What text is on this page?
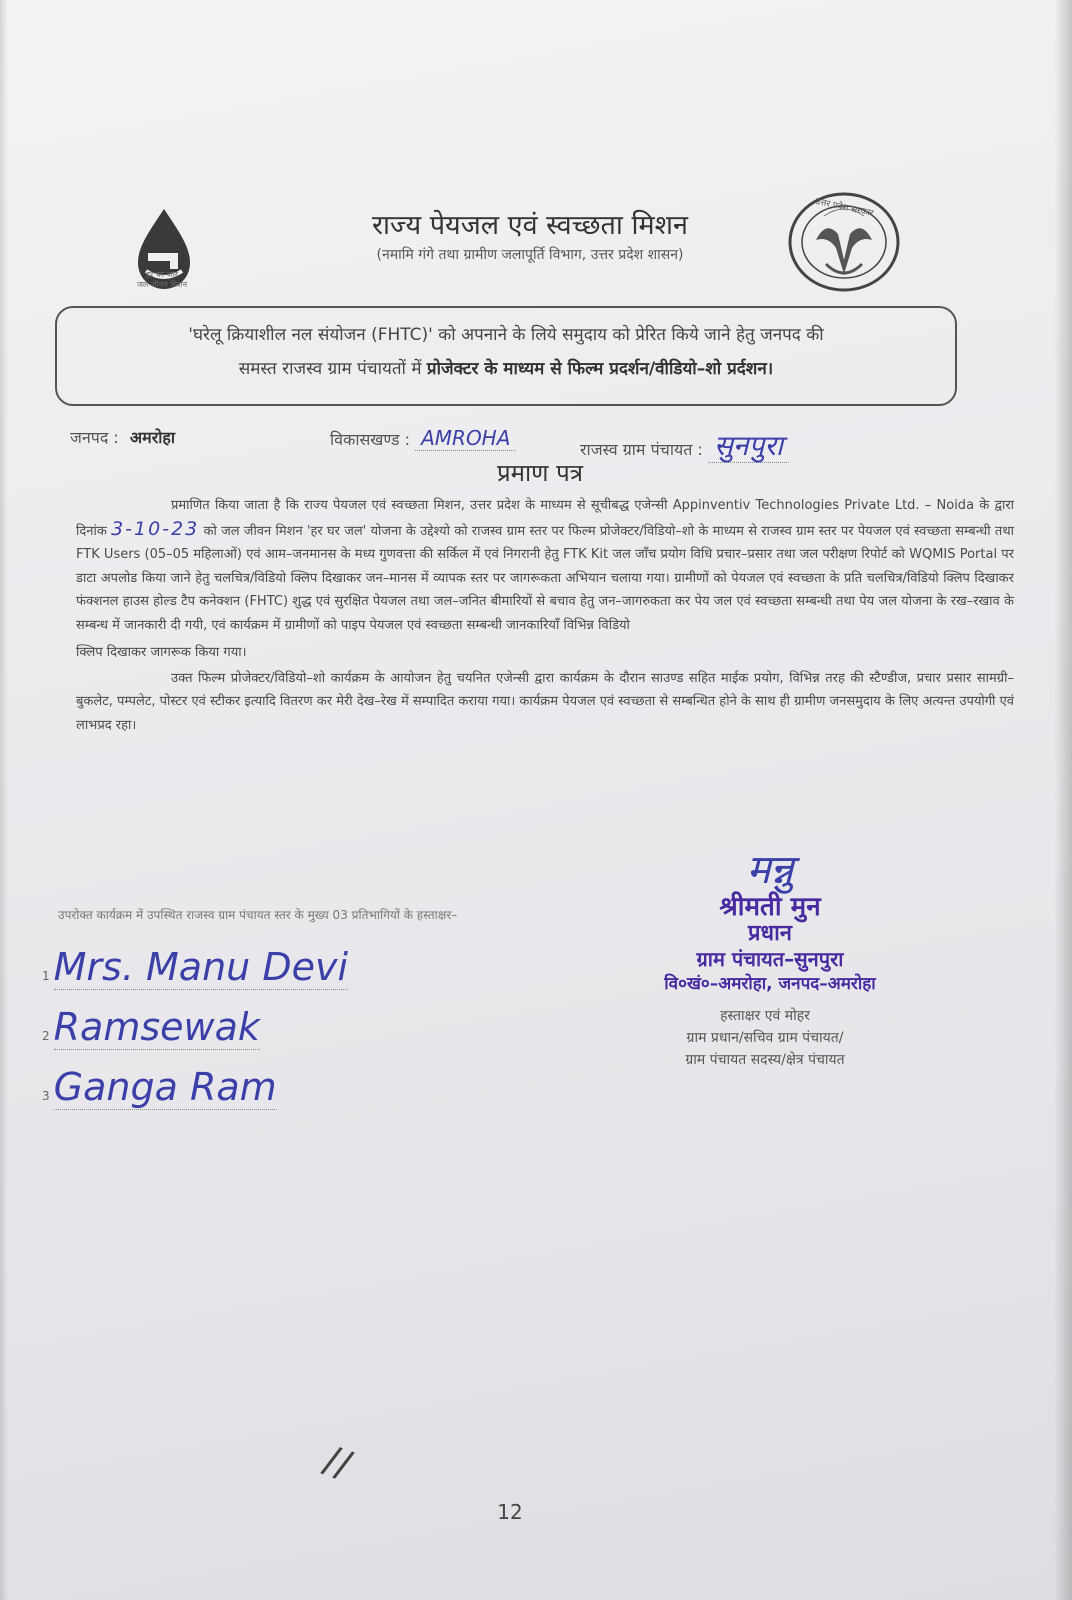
हर घर जल
जल जीवन मिशन
राज्य पेयजल एवं स्वच्छता मिशन
(नमामि गंगे तथा ग्रामीण जलापूर्ति विभाग, उत्तर प्रदेश शासन)
उत्तर प्रदेश सरकार
'घरेलू क्रियाशील नल संयोजन (FHTC)' को अपनाने के लिये समुदाय को प्रेरित किये जाने हेतु जनपद की
समस्त राजस्व ग्राम पंचायतों में प्रोजेक्टर के माध्यम से फिल्म प्रदर्शन/वीडियो–शो प्रर्दशन।
जनपद : अमरोहा	विकासखण्ड : AMROHA	राजस्व ग्राम पंचायत : सुनपुरा
प्रमाण पत्र

प्रमाणित किया जाता है कि राज्य पेयजल एवं स्वच्छता मिशन, उत्तर प्रदेश के माध्यम से सूचीबद्ध एजेन्सी Appinventiv Technologies Private Ltd. – Noida के द्वारा दिनांक 3-10-23 को जल जीवन मिशन 'हर घर जल' योजना के उद्देश्यो को राजस्व ग्राम स्तर पर फिल्म प्रोजेक्टर/विडियो–शो के माध्यम से राजस्व ग्राम स्तर पर पेयजल एवं स्वच्छता सम्बन्धी तथा FTK Users (05–05 महिलाओं) एवं आम–जनमानस के मध्य गुणवत्ता की सर्किल में एवं निगरानी हेतु FTK Kit जल जाँच प्रयोग विधि प्रचार–प्रसार तथा जल परीक्षण रिपोर्ट को WQMIS Portal पर डाटा अपलोड किया जाने हेतु चलचित्र/विडियो क्लिप दिखाकर जन–मानस में व्यापक स्तर पर जागरूकता अभियान चलाया गया। ग्रामीणों को पेयजल एवं स्वच्छता के प्रति चलचित्र/विडियो क्लिप दिखाकर फंक्शनल हाउस होल्ड टैप कनेक्शन (FHTC) शुद्ध एवं सुरक्षित पेयजल तथा जल–जनित बीमारियों से बचाव हेतु जन–जागरुकता कर पेय जल एवं स्वच्छता सम्बन्धी तथा पेय जल योजना के रख–रखाव के सम्बन्ध में जानकारी दी गयी, एवं कार्यक्रम में ग्रामीणों को पाइप पेयजल एवं स्वच्छता सम्बन्धी जानकारियाँ विभिन्न विडियो

क्लिप दिखाकर जागरूक किया गया।

उक्त फिल्म प्रोजेक्टर/विडियो–शो कार्यक्रम के आयोजन हेतु चयनित एजेन्सी द्वारा कार्यक्रम के दौरान साउण्ड सहित माईक प्रयोग, विभिन्न तरह की स्टैण्डीज, प्रचार प्रसार सामग्री–बुकलेट, पम्पलेट, पोस्टर एवं स्टीकर इत्यादि वितरण कर मेरी देख–रेख में सम्पादित कराया गया। कार्यक्रम पेयजल एवं स्वच्छता से सम्बन्धित होने के साथ ही ग्रामीण जनसमुदाय के लिए अत्यन्त उपयोगी एवं लाभप्रद रहा।

उपरोक्त कार्यक्रम में उपस्थित राजस्व ग्राम पंचायत स्तर के मुख्य 03 प्रतिभागियों के हस्ताक्षर–
1 Mrs. Manu Devi
2 Ramsewak
3 Ganga Ram
मन्नु
श्रीमती मुन
प्रधान
ग्राम पंचायत–सुनपुरा
वि०खं०–अमरोहा, जनपद–अमरोहा
हस्ताक्षर एवं मोहर
ग्राम प्रधान/सचिव ग्राम पंचायत/
ग्राम पंचायत सदस्य/क्षेत्र पंचायत
//
12
